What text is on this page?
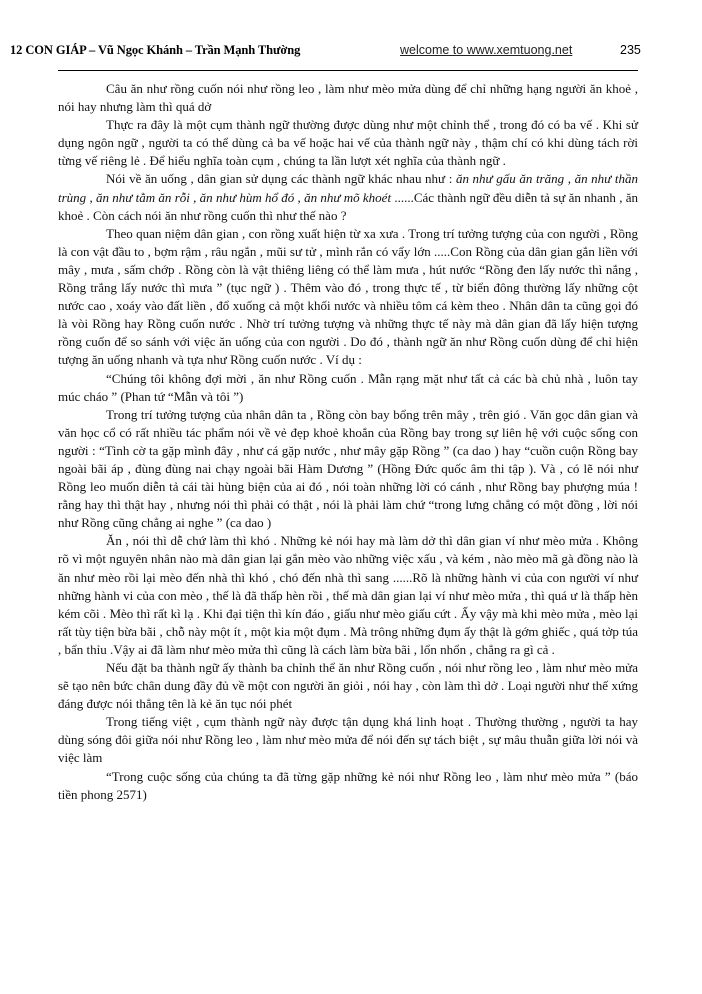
12 CON GIÁP – Vũ Ngọc Khánh – Trần Mạnh Thường	welcome to www.xemtuong.net	235

Câu ăn như rồng cuốn nói như rồng leo , làm như mèo mửa dùng để chỉ những hạng người ăn khoẻ , nói hay nhưng làm thì quá dở

Thực ra đây là một cụm thành ngữ thường được dùng như một chỉnh thể , trong đó có ba vế . Khi sử dụng ngôn ngữ , người ta có thể dùng cả ba vế hoặc hai vế của thành ngữ này , thậm chí có khi dùng tách rời từng vế riêng lẻ . Để hiểu nghĩa toàn cụm , chúng ta lần lượt xét nghĩa của thành ngữ .

Nói về ăn uống , dân gian sử dụng các thành ngữ khác nhau như : ăn như gấu ăn trăng , ăn như thần trùng , ăn như tằm ăn rỗi , ăn như hùm hổ đó , ăn như mõ khoét ......Các thành ngữ đều diễn tả sự ăn nhanh , ăn khoẻ . Còn cách nói ăn như rồng cuốn thì như thế nào ?

Theo quan niệm dân gian , con rồng xuất hiện từ xa xưa . Trong trí tưởng tượng của con người , Rồng là con vật đầu to , bợm rậm , râu ngắn , mũi sư tử , mình rắn có vẩy lớn .....Con Rồng của dân gian gắn liền với mây , mưa , sấm chớp . Rồng còn là vật thiêng liêng có thể làm mưa , hút nước “Rồng đen lấy nước thì nắng , Rồng trắng lấy nước thì mưa ” (tục ngữ ) . Thêm vào đó , trong thực tế , từ biển đông thường lấy những cột nước cao , xoáy vào đất liền , đổ xuống cả một khối nước và nhiều tôm cá kèm theo . Nhân dân ta cũng gọi đó là vòi Rồng hay Rồng cuốn nước . Nhờ trí tưởng tượng và những thực tế này mà dân gian đã lấy hiện tượng rồng cuốn để so sánh với việc ăn uống của con người . Do đó , thành ngữ ăn như Rồng cuốn dùng để chỉ hiện tượng ăn uống nhanh và tựa như Rồng cuốn nước . Ví dụ :

“Chúng tôi không đợi mời , ăn như Rồng cuốn . Mẫn rạng mặt như tất cả các bà chủ nhà , luôn tay múc cháo ” (Phan tứ “Mẫn và tôi ”)

Trong trí tưởng tượng của nhân dân ta , Rồng còn bay bổng trên mây , trên gió . Văn gọc dân gian và văn học cổ có rất nhiều tác phẩm nói về vẻ đẹp khoẻ khoắn của Rồng bay trong sự liên hệ với cuộc sống con người : “Tình cờ ta gặp mình đây , như cá gặp nước , như mây gặp Rồng ” (ca dao ) hay “cuồn cuộn Rồng bay ngoài bãi áp , đùng đùng nai chạy ngoài bãi Hàm Dương ” (Hồng Đức quốc âm thi tập ). Và , có lẽ nói như Rồng leo muốn diễn tả cái tài hùng biện của ai đó , nói toàn những lời có cánh , như Rồng bay phượng múa ! rằng hay thì thật hay , nhưng nói thì phải có thật , nói là phải làm chứ “trong lưng chẳng có một đồng , lời nói như Rồng cũng chẳng ai nghe ” (ca dao )

Ăn , nói thì dễ chứ làm thì khó . Những kẻ nói hay mà làm dở thì dân gian ví như mèo mửa . Không rõ vì một nguyên nhân nào mà dân gian lại gắn mèo vào những việc xấu , và kém , nào mèo mã gà đồng nào là ăn như mèo rồi lại mèo đến nhà thì khó , chó đến nhà thì sang ......Rõ là những hành vi của con người ví như những hành vi của con mèo , thế là đã thấp hèn rồi , thế mà dân gian lại ví như mèo mửa , thì quá ư là thấp hèn kém cõi . Mèo thì rất kì lạ . Khi đại tiện thì kín đáo , giấu như mèo giấu cứt . Ấy vậy mà khi mèo mửa , mèo lại rất tùy tiện bừa bãi , chỗ này một ít , một kia một đụm . Mà trông những đụm ấy thật là gớm ghiếc , quá tởp túa , bẩn thỉu .Vậy ai đã làm như mèo mửa thì cũng là cách làm bừa bãi , lổn nhổn , chẳng ra gì cả .

Nếu đặt ba thành ngữ ấy thành ba chỉnh thể ăn như Rồng cuốn , nói như rồng leo , làm như mèo mửa sẽ tạo nên bức chân dung đầy đủ về một con người ăn giỏi , nói hay , còn làm thì dở . Loại người như thế xứng đáng được nói thẳng tên là kẻ ăn tục nói phét

Trong tiếng việt , cụm thành ngữ này được tận dụng khá linh hoạt . Thường thường , người ta hay dùng sóng đôi giữa nói như Rồng leo , làm như mèo mửa để nói đến sự tách biệt , sự mâu thuẫn giữa lời nói và việc làm

“Trong cuộc sống của chúng ta đã từng gặp những kẻ nói như Rồng leo , làm như mèo mửa ” (báo tiền phong 2571)
